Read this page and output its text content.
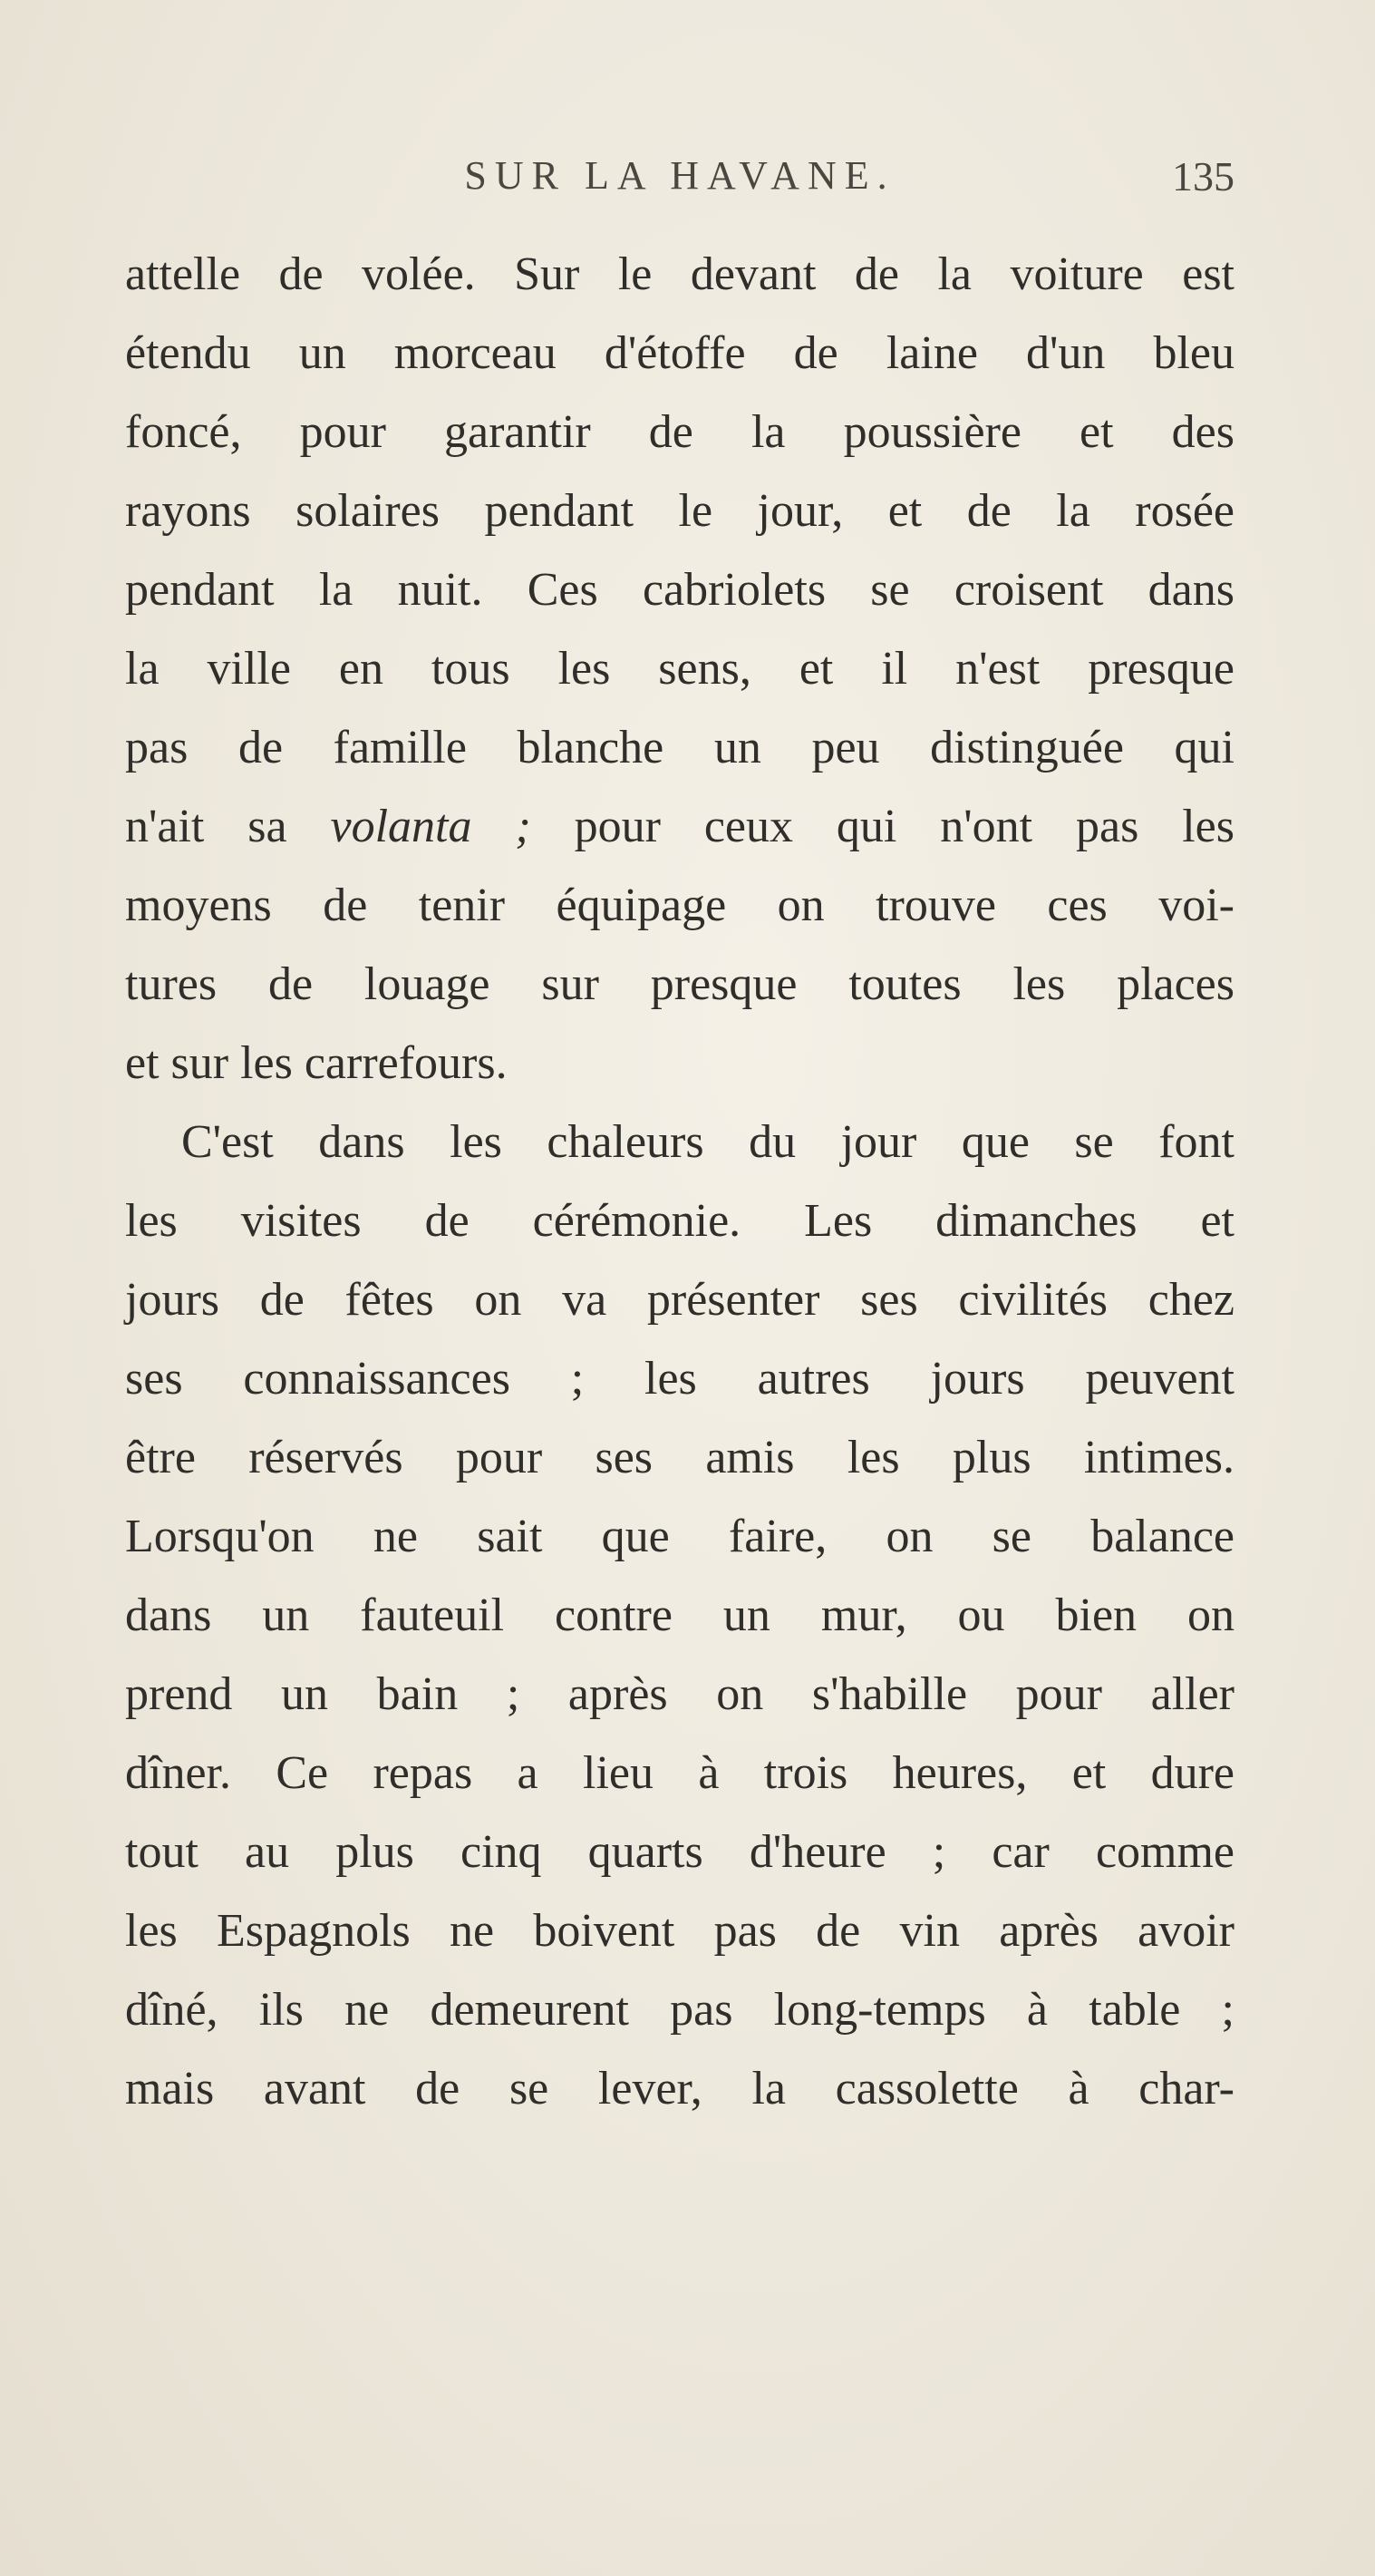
SUR LA HAVANE.	135
attelle de volée. Sur le devant de la voiture est
étendu un morceau d'étoffe de laine d'un bleu
foncé, pour garantir de la poussière et des
rayons solaires pendant le jour, et de la rosée
pendant la nuit. Ces cabriolets se croisent dans
la ville en tous les sens, et il n'est presque
pas de famille blanche un peu distinguée qui
n'ait sa volanta ; pour ceux qui n'ont pas les
moyens de tenir équipage on trouve ces voi-
tures de louage sur presque toutes les places
et sur les carrefours.
C'est dans les chaleurs du jour que se font
les visites de cérémonie. Les dimanches et
jours de fêtes on va présenter ses civilités chez
ses connaissances ; les autres jours peuvent
être réservés pour ses amis les plus intimes.
Lorsqu'on ne sait que faire, on se balance
dans un fauteuil contre un mur, ou bien on
prend un bain ; après on s'habille pour aller
dîner. Ce repas a lieu à trois heures, et dure
tout au plus cinq quarts d'heure ; car comme
les Espagnols ne boivent pas de vin après avoir
dîné, ils ne demeurent pas long-temps à table ;
mais avant de se lever, la cassolette à char-
